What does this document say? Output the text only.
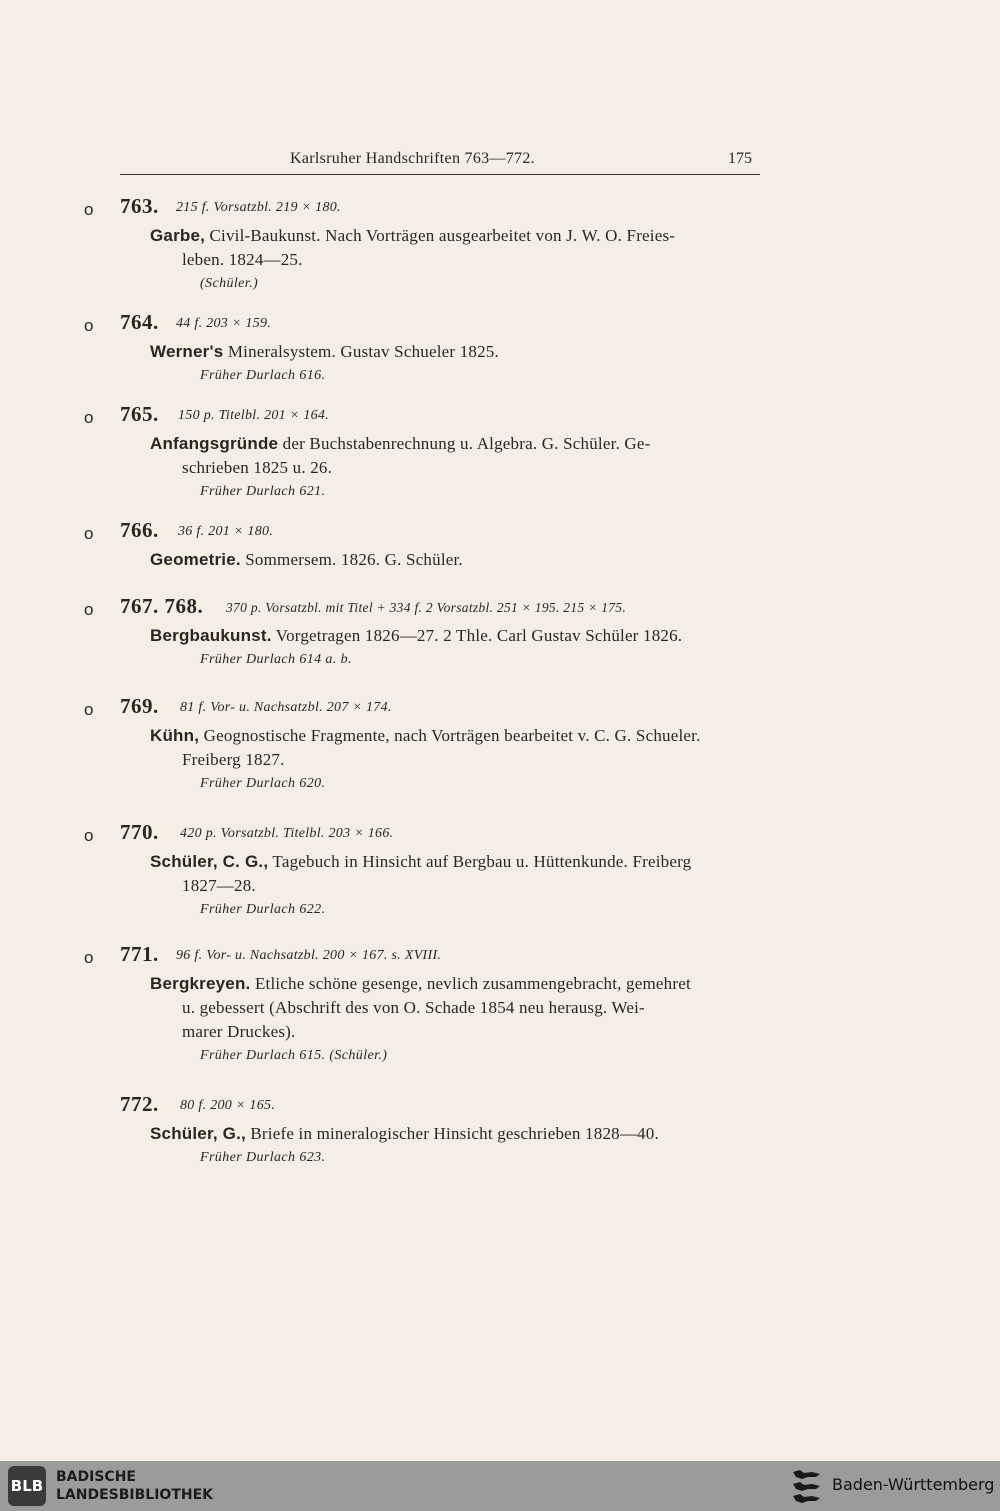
Karlsruher Handschriften 763—772.	175
o 763. 215 f. Vorsatzbl. 219 × 180.
Garbe, Civil-Baukunst. Nach Vorträgen ausgearbeitet von J. W. O. Freies-
leben. 1824—25.
(Schüler.)
o 764. 44 f. 203 × 159.
Werner's Mineralsystem. Gustav Schueler 1825.
Früher Durlach 616.
o 765. 150 p. Titelbl. 201 × 164.
Anfangsgründe der Buchstabenrechnung u. Algebra. G. Schüler. Ge-
schrieben 1825 u. 26.
Früher Durlach 621.
o 766. 36 f. 201 × 180.
Geometrie. Sommersem. 1826. G. Schüler.
o 767. 768. 370 p. Vorsatzbl. mit Titel + 334 f. 2 Vorsatzbl. 251 × 195. 215 × 175.
Bergbaukunst. Vorgetragen 1826—27. 2 Thle. Carl Gustav Schüler 1826.
Früher Durlach 614 a. b.
o 769. 81 f. Vor- u. Nachsatzbl. 207 × 174.
Kühn, Geognostische Fragmente, nach Vorträgen bearbeitet v. C. G. Schueler.
Freiberg 1827.
Früher Durlach 620.
o 770. 420 p. Vorsatzbl. Titelbl. 203 × 166.
Schüler, C. G., Tagebuch in Hinsicht auf Bergbau u. Hüttenkunde. Freiberg
1827—28.
Früher Durlach 622.
o 771. 96 f. Vor- u. Nachsatzbl. 200 × 167. s. XVIII.
Bergkreyen. Etliche schöne gesenge, nevlich zusammengebracht, gemehret
u. gebessert (Abschrift des von O. Schade 1854 neu herausg. Wei-
marer Druckes).
Früher Durlach 615. (Schüler.)
772. 80 f. 200 × 165.
Schüler, G., Briefe in mineralogischer Hinsicht geschrieben 1828—40.
Früher Durlach 623.
BLB BADISCHE
LANDESBIBLIOTHEK
Baden-Württemberg
